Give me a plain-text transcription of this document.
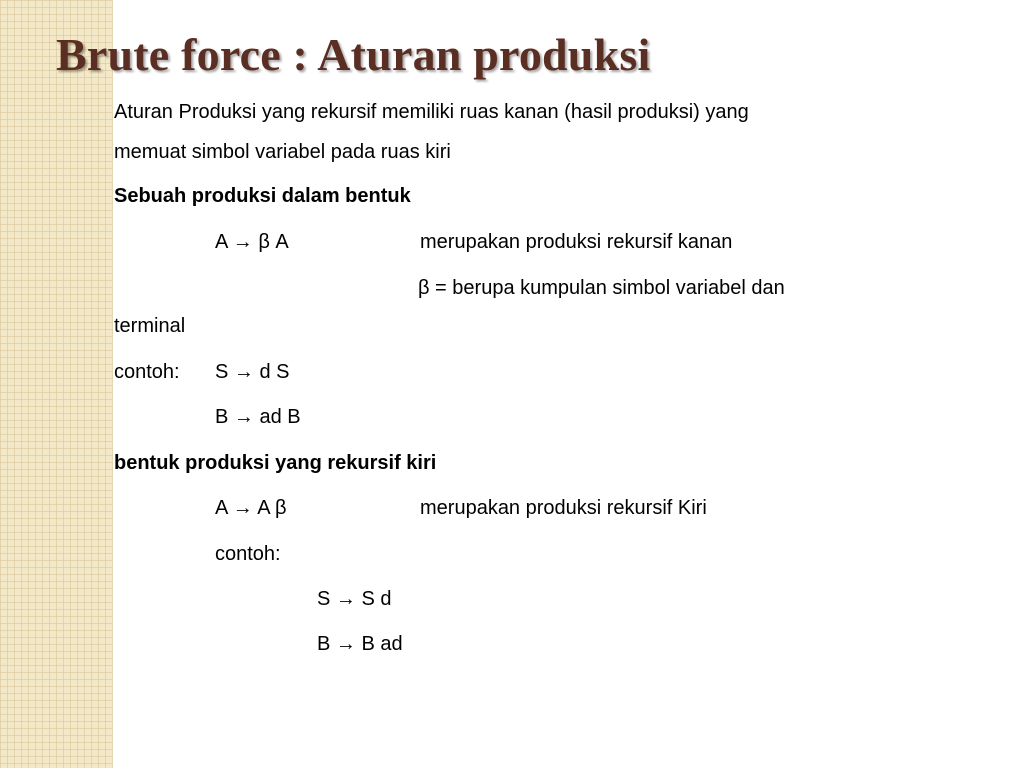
Brute force : Aturan produksi
Aturan Produksi yang rekursif memiliki ruas kanan (hasil produksi) yang
memuat simbol variabel pada ruas kiri
Sebuah produksi dalam bentuk
A → β A	merupakan produksi rekursif kanan
β = berupa kumpulan simbol variabel dan
terminal
contoh: S → d S
B → ad B
bentuk produksi yang rekursif kiri
A → A β	merupakan produksi rekursif Kiri
contoh:
S → S d
B → B ad
